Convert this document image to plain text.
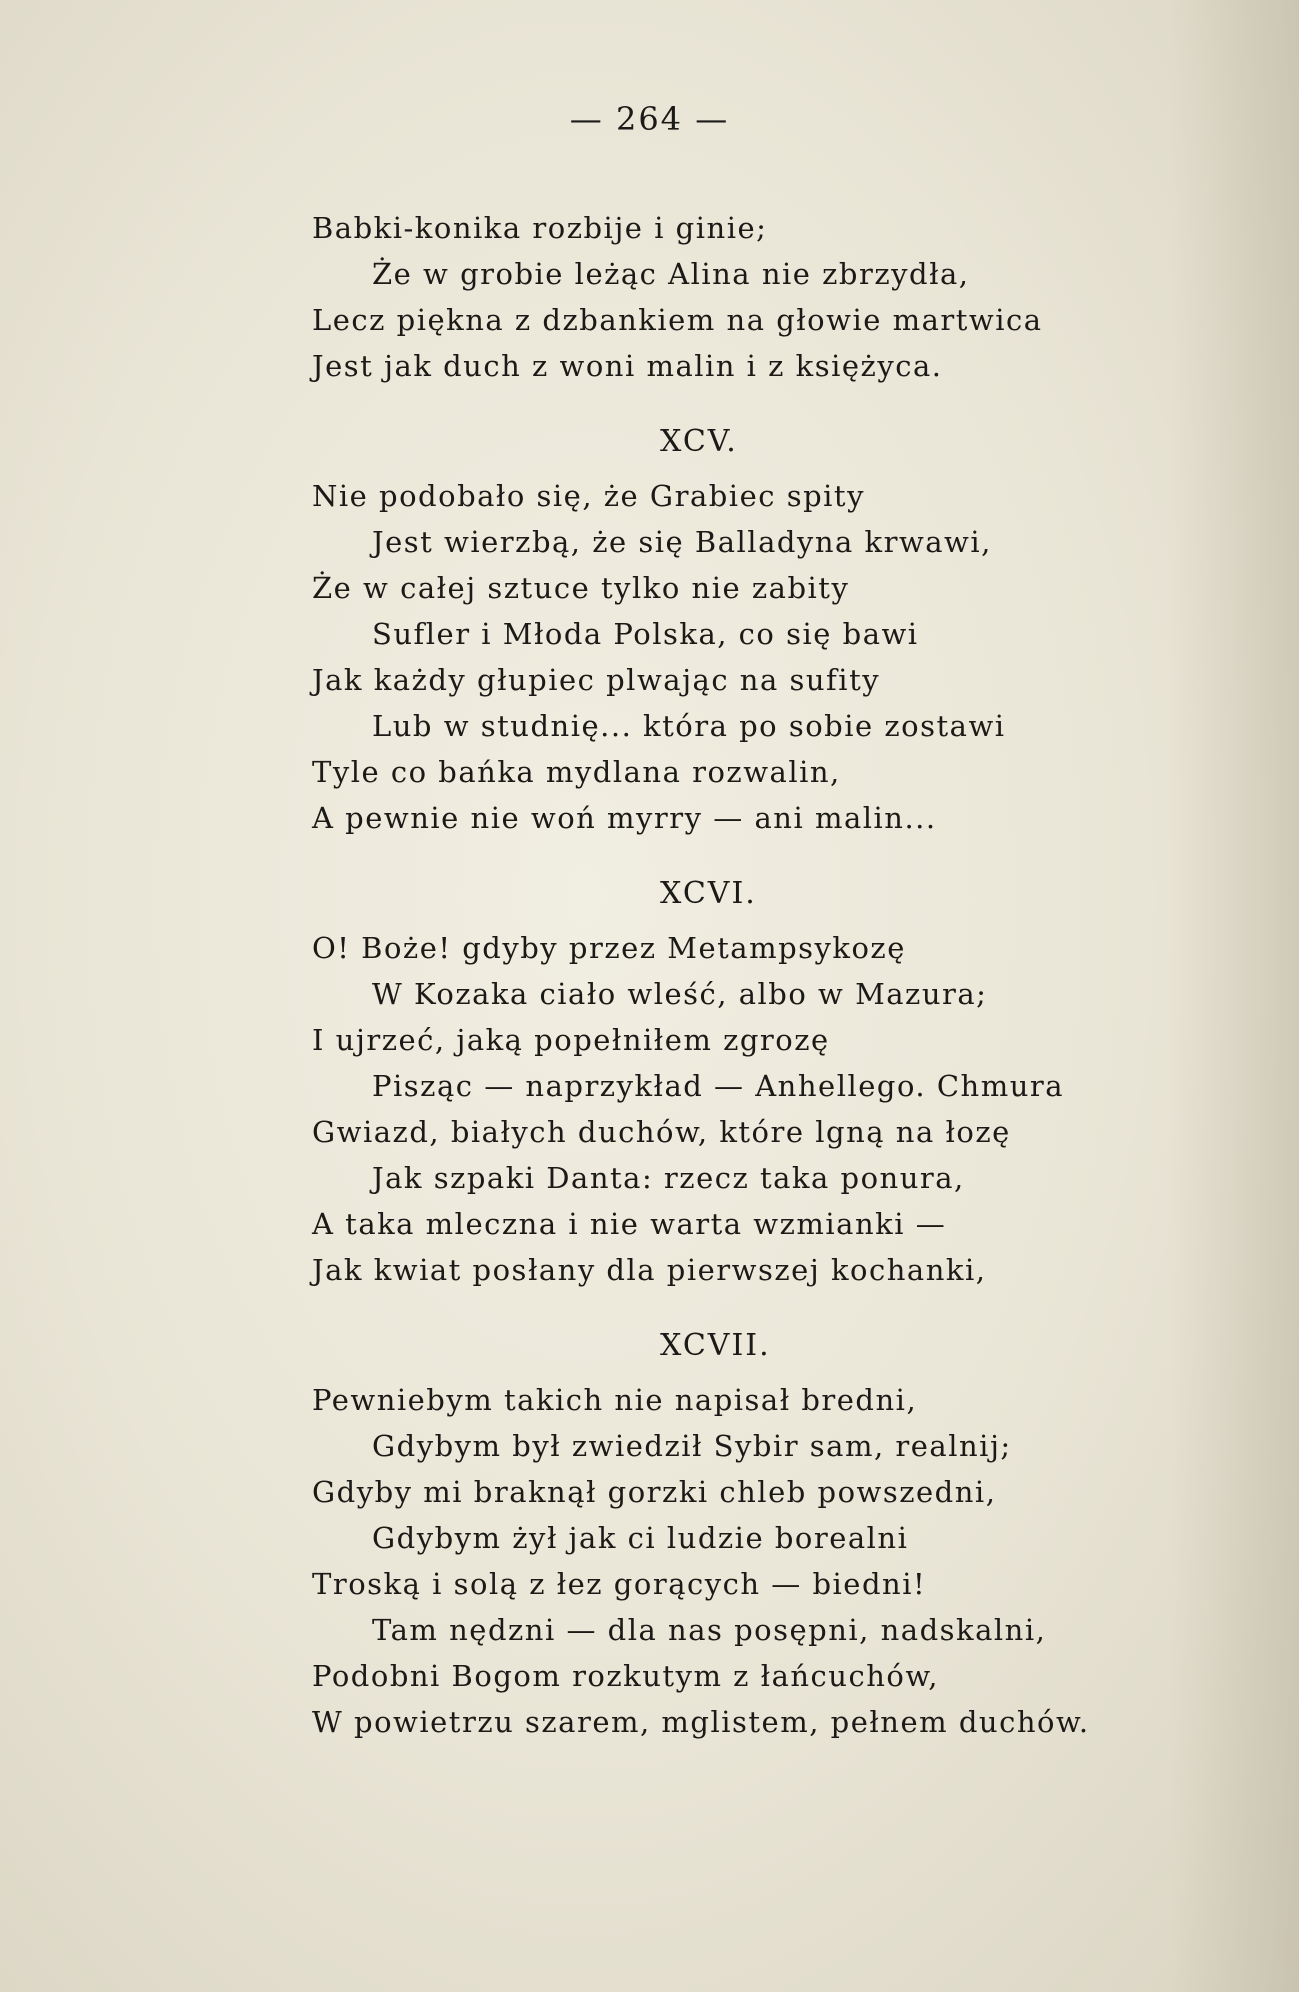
— 264 —
Babki-konika rozbije i ginie;
Że w grobie leżąc Alina nie zbrzydła,
Lecz piękna z dzbankiem na głowie martwica
Jest jak duch z woni malin i z księżyca.
XCV.
Nie podobało się, że Grabiec spity
Jest wierzbą, że się Balladyna krwawi,
Że w całej sztuce tylko nie zabity
Sufler i Młoda Polska, co się bawi
Jak każdy głupiec plwając na sufity
Lub w studnię... która po sobie zostawi
Tyle co bańka mydlana rozwalin,
A pewnie nie woń myrry — ani malin...
XCVI.
O! Boże! gdyby przez Metampsykozę
W Kozaka ciało wleść, albo w Mazura;
I ujrzeć, jaką popełniłem zgrozę
Pisząc — naprzykład — Anhellego. Chmura
Gwiazd, białych duchów, które lgną na łozę
Jak szpaki Danta: rzecz taka ponura,
A taka mleczna i nie warta wzmianki —
Jak kwiat posłany dla pierwszej kochanki,
XCVII.
Pewniebym takich nie napisał bredni,
Gdybym był zwiedził Sybir sam, realnij;
Gdyby mi braknął gorzki chleb powszedni,
Gdybym żył jak ci ludzie borealni
Troską i solą z łez gorących — biedni!
Tam nędzni — dla nas posępni, nadskalni,
Podobni Bogom rozkutym z łańcuchów,
W powietrzu szarem, mglistem, pełnem duchów.
